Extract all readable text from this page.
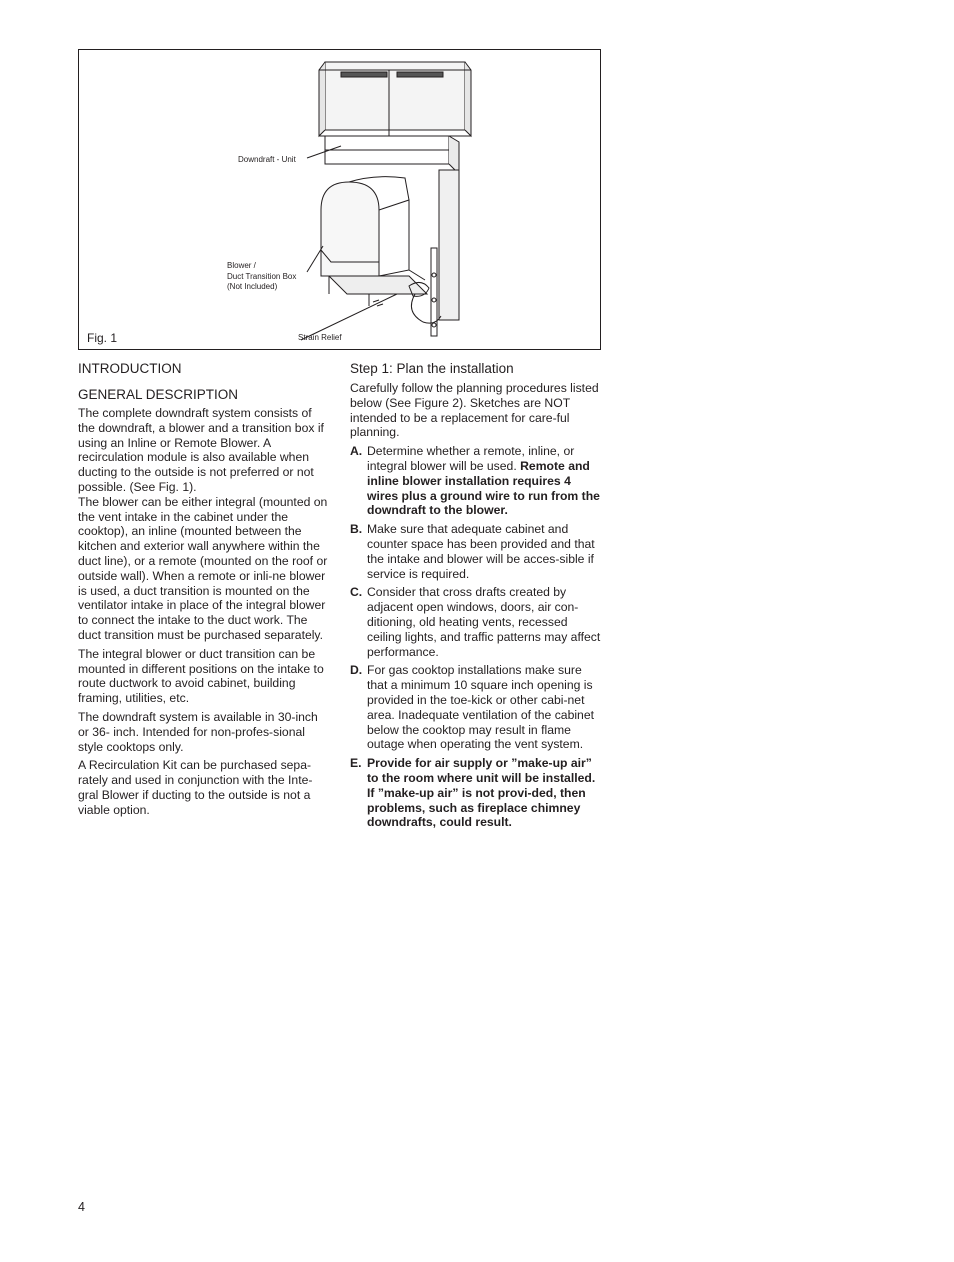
Downdraft - Unit
Blower /
Duct Transition Box
(Not Included)
Strain Relief
Fig. 1
INTRODUCTION
GENERAL DESCRIPTION

The complete downdraft system consists of the downdraft, a blower and a transition box if using an Inline or Remote Blower. A recirculation module is also available when ducting to the outside is not preferred or not possible. (See Fig. 1).

The blower can be either integral (mounted on the vent intake in the cabinet under the cooktop), an inline (mounted between the kitchen and exterior wall anywhere within the duct line), or a remote (mounted on the roof or outside wall). When a remote or inli-ne blower is used, a duct transition is mounted on the ventilator intake in place of the integral blower to connect the intake to the duct work. The duct transition must be purchased separately.

The integral blower or duct transition can be mounted in different positions on the intake to route ductwork to avoid cabinet, building framing, utilities, etc.

The downdraft system is available in 30-inch or 36- inch. Intended for non-profes-sional style cooktops only.

A Recirculation Kit can be purchased sepa-rately and used in conjunction with the Inte-gral Blower if ducting to the outside is not a viable option.

Step 1: Plan the installation

Carefully follow the planning procedures listed below (See Figure 2). Sketches are NOT intended to be a replacement for care-ful planning.

A. Determine whether a remote, inline, or integral blower will be used. Remote and inline blower installation requires 4 wires plus a ground wire to run from the downdraft to the blower.
B. Make sure that adequate cabinet and counter space has been provided and that the intake and blower will be acces-sible if service is required.
C. Consider that cross drafts created by adjacent open windows, doors, air con-ditioning, old heating vents, recessed ceiling lights, and traffic patterns may affect performance.
D. For gas cooktop installations make sure that a minimum 10 square inch opening is provided in the toe-kick or other cabi-net area. Inadequate ventilation of the cabinet below the cooktop may result in flame outage when operating the vent system.
E. Provide for air supply or ”make-up air” to the room where unit will be installed. If ”make-up air” is not provi-ded, then problems, such as fireplace chimney downdrafts, could result.
4
